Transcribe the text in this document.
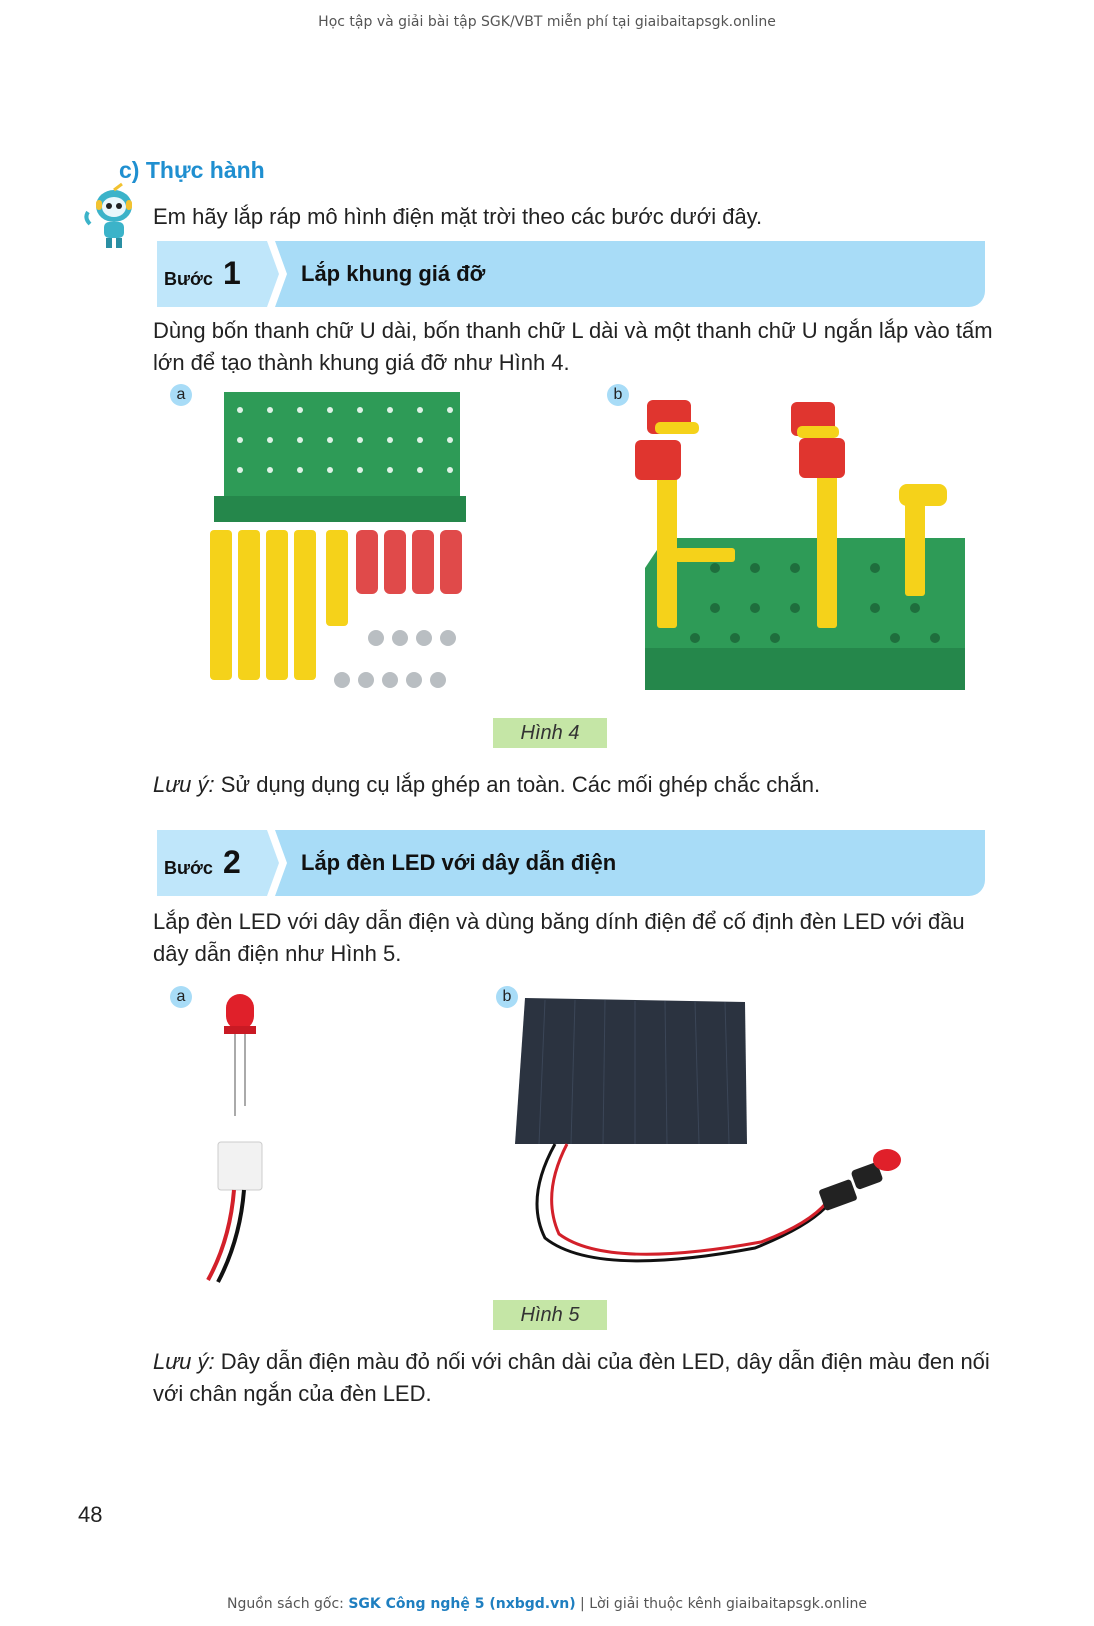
Học tập và giải bài tập SGK/VBT miễn phí tại giaibaitapsgk.online
c) Thực hành
Em hãy lắp ráp mô hình điện mặt trời theo các bước dưới đây.
Bước 1	Lắp khung giá đỡ
Dùng bốn thanh chữ U dài, bốn thanh chữ L dài và một thanh chữ U ngắn lắp vào tấm lớn để tạo thành khung giá đỡ như Hình 4.
a	b
Hình 4
Lưu ý: Sử dụng dụng cụ lắp ghép an toàn. Các mối ghép chắc chắn.
Bước 2	Lắp đèn LED với dây dẫn điện
Lắp đèn LED với dây dẫn điện và dùng băng dính điện để cố định đèn LED với đầu dây dẫn điện như Hình 5.
a	b
Hình 5
Lưu ý: Dây dẫn điện màu đỏ nối với chân dài của đèn LED, dây dẫn điện màu đen nối với chân ngắn của đèn LED.
48
Nguồn sách gốc: SGK Công nghệ 5 (nxbgd.vn) | Lời giải thuộc kênh giaibaitapsgk.online
